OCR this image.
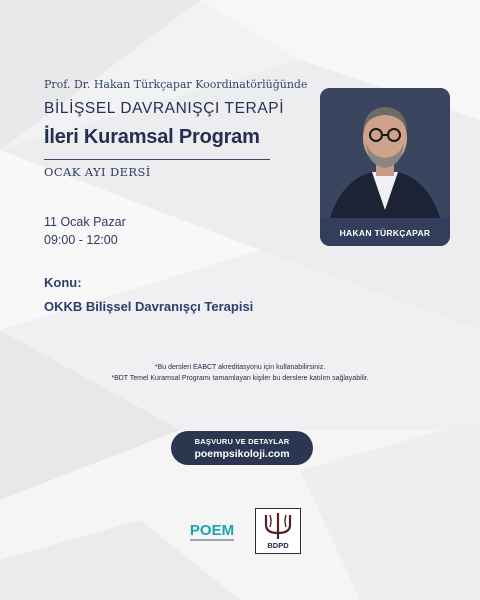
Prof. Dr. Hakan Türkçapar Koordinatörlüğünde
BİLİŞSEL DAVRANIŞÇI TERAPİ
İleri Kuramsal Program
OCAK AYI DERSİ
11 Ocak Pazar
09:00 - 12:00
Konu:
OKKB Bilişsel Davranışçı Terapisi
HAKAN TÜRKÇAPAR
*Bu dersleri EABCT akreditasyonu için kullanabilirsiniz.
*BDT Temel Kuramsal Programı tamamlayan kişiler bu derslere katılım sağlayabilir.
BAŞVURU VE DETAYLAR
poempsikoloji.com
POEM
BDPD
